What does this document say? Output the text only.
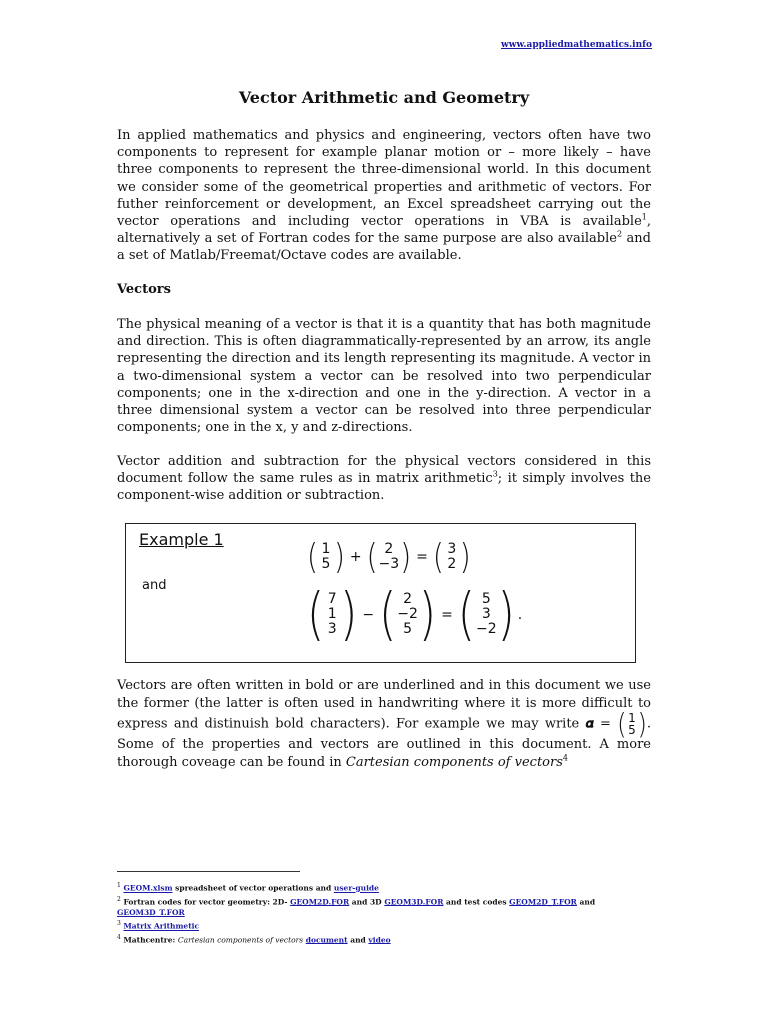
www.appliedmathematics.info
Vector Arithmetic and Geometry

In applied mathematics and physics and engineering, vectors often have two components to represent for example planar motion or – more likely – have three components to represent the three-dimensional world. In this document we consider some of the geometrical properties and arithmetic of vectors. For futher reinforcement or development, an Excel spreadsheet carrying out the vector operations and including vector operations in VBA is available$^1$, alternatively a set of Fortran codes for the same purpose are also available$^2$ and a set of Matlab/Freemat/Octave codes are available.

Vectors

The physical meaning of a vector is that it is a quantity that has both magnitude and direction. This is often diagrammatically-represented by an arrow, its angle representing the direction and its length representing its magnitude. A vector in a two-dimensional system a vector can be resolved into two perpendicular components; one in the x-direction and one in the y-direction. A vector in a three dimensional system a vector can be resolved into three perpendicular components; one in the x, y and z-directions.

Vector addition and subtraction for the physical vectors considered in this document follow the same rules as in matrix arithmetic$^3$; it simply involves the component-wise addition or subtraction.

Example 1
and
( 1
5 ) + ( 2
−3 ) = ( 3
2 )
( 7
1
3 ) − ( 2
−2
5 ) = ( 5
3
−2 ) .

Vectors are often written in bold or are underlined and in this document we use the former (the latter is often used in handwriting where it is more difficult to express and distinuish bold characters). For example we may write 𝜶 = ( 1
5 ) . Some of the properties and vectors are outlined in this document. A more thorough coveage can be found in Cartesian components of vectors$^4$

$^1$ GEOM.xlsm spreadsheet of vector operations and user-guide
$^2$ Fortran codes for vector geometry: 2D- GEOM2D.FOR and 3D GEOM3D.FOR and test codes GEOM2D_T.FOR and
GEOM3D_T.FOR
$^3$ Matrix Arithmetic
$^4$ Mathcentre: Cartesian components of vectors document and video
